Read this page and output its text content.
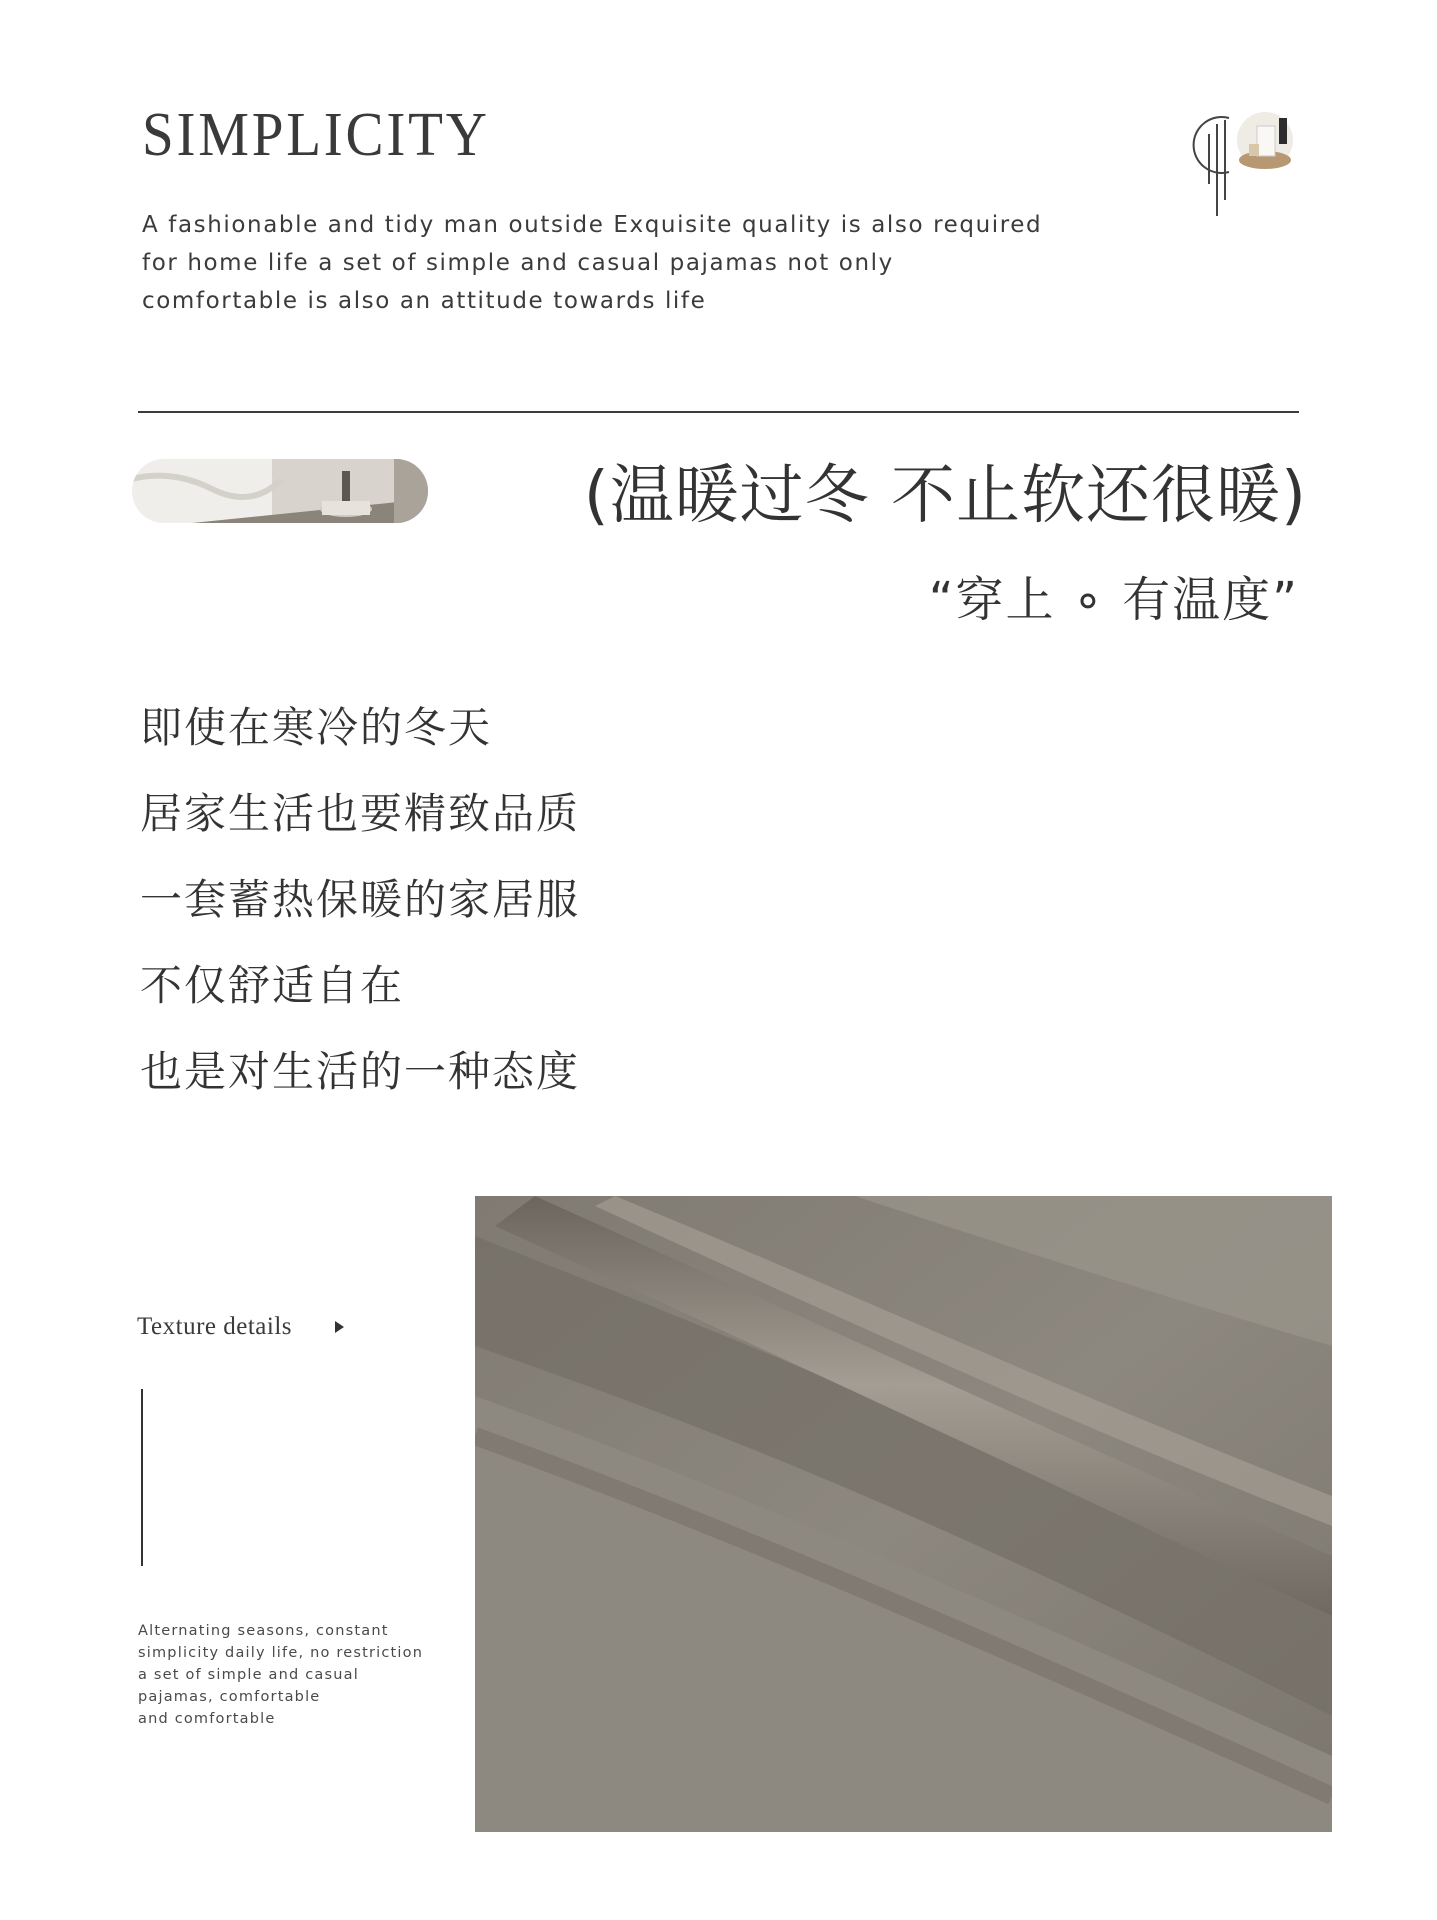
SIMPLICITY
A fashionable and tidy man outside Exquisite quality is also required
for home life a set of simple and casual pajamas not only
comfortable is also an attitude towards life
(温暖过冬 不止软还很暖)
“穿上 ∘ 有温度”
即使在寒冷的冬天
居家生活也要精致品质
一套蓄热保暖的家居服
不仅舒适自在
也是对生活的一种态度
Texture details
Alternating seasons, constant
simplicity daily life, no restriction
a set of simple and casual
pajamas, comfortable
and comfortable
